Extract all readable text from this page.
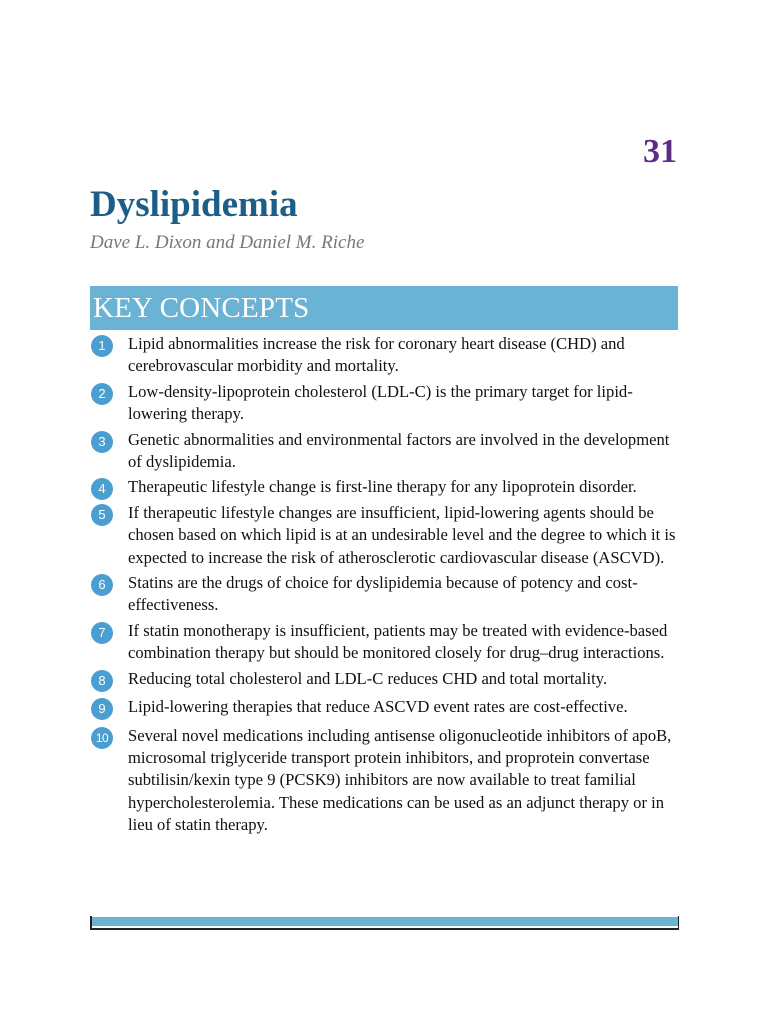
31
Dyslipidemia
Dave L. Dixon and Daniel M. Riche
KEY CONCEPTS
1	Lipid abnormalities increase the risk for coronary heart disease (CHD) and cerebrovascular morbidity and mortality.
2	Low-density-lipoprotein cholesterol (LDL-C) is the primary target for lipid-lowering therapy.
3	Genetic abnormalities and environmental factors are involved in the development of dyslipidemia.
4	Therapeutic lifestyle change is first-line therapy for any lipoprotein disorder.
5	If therapeutic lifestyle changes are insufficient, lipid-lowering agents should be chosen based on which lipid is at an undesirable level and the degree to which it is expected to increase the risk of atherosclerotic cardiovascular disease (ASCVD).
6	Statins are the drugs of choice for dyslipidemia because of potency and cost-effectiveness.
7	If statin monotherapy is insufficient, patients may be treated with evidence-based combination therapy but should be monitored closely for drug–drug interactions.
8	Reducing total cholesterol and LDL-C reduces CHD and total mortality.
9	Lipid-lowering therapies that reduce ASCVD event rates are cost-effective.
10 Several novel medications including antisense oligonucleotide inhibitors of apoB, microsomal triglyceride transport protein inhibitors, and proprotein convertase subtilisin/kexin type 9 (PCSK9) inhibitors are now available to treat familial hypercholesterolemia. These medications can be used as an adjunct therapy or in lieu of statin therapy.
